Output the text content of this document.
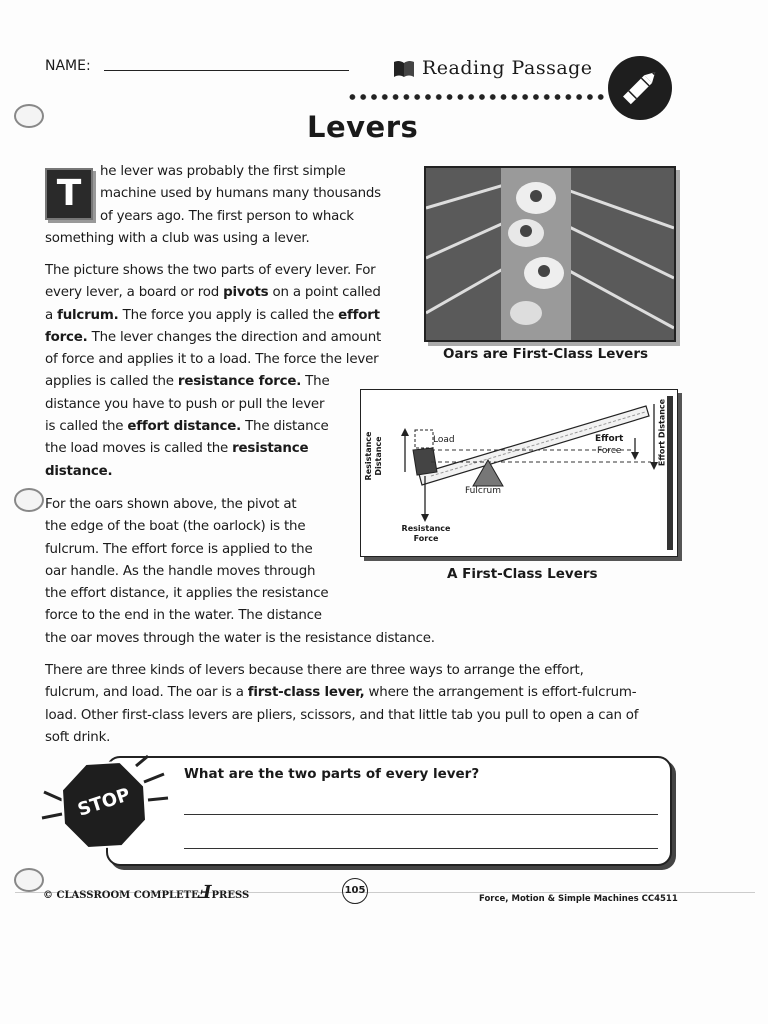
NAME:	Reading Passage
Levers
T
he lever was probably the first simple
machine used by humans many thousands
of years ago. The first person to whack
something with a club was using a lever.
The picture shows the two parts of every lever. For
every lever, a board or rod pivots on a point called
a fulcrum. The force you apply is called the effort
force. The lever changes the direction and amount
of force and applies it to a load. The force the lever
applies is called the resistance force. The
distance you have to push or pull the lever
is called the effort distance. The distance
the load moves is called the resistance
distance.
For the oars shown above, the pivot at
the edge of the boat (the oarlock) is the
fulcrum. The effort force is applied to the
oar handle. As the handle moves through
the effort distance, it applies the resistance
force to the end in the water. The distance
the oar moves through the water is the resistance distance.
There are three kinds of levers because there are three ways to arrange the effort,
fulcrum, and load. The oar is a first-class lever, where the arrangement is effort-fulcrum-
load. Other first-class levers are pliers, scissors, and that little tab you pull to open a can of
soft drink.
Oars are First-Class Levers
Load
Resistance Distance
Resistance Force
Fulcrum
Effort
Force	Effort Distance
A First-Class Levers
What are the two parts of every lever?
STOP
© CLASSROOM COMPLETEℲPRESS	105
Force, Motion & Simple Machines CC4511
